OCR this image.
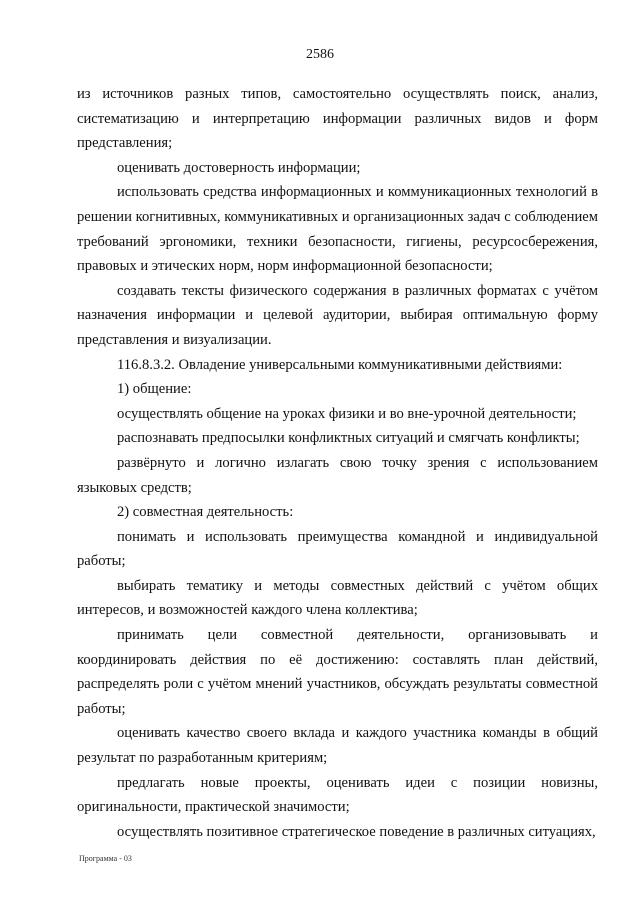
2586

из источников разных типов, самостоятельно осуществлять поиск, анализ, систематизацию и интерпретацию информации различных видов и форм представления;

оценивать достоверность информации;

использовать средства информационных и коммуникационных технологий в решении когнитивных, коммуникативных и организационных задач с соблюдением требований эргономики, техники безопасности, гигиены, ресурсосбережения, правовых и этических норм, норм информационной безопасности;

создавать тексты физического содержания в различных форматах с учётом назначения информации и целевой аудитории, выбирая оптимальную форму представления и визуализации.

116.8.3.2. Овладение универсальными коммуникативными действиями:

1) общение:

осуществлять общение на уроках физики и во вне-урочной деятельности;

распознавать предпосылки конфликтных ситуаций и смягчать конфликты;

развёрнуто и логично излагать свою точку зрения с использованием языковых средств;

2) совместная деятельность:

понимать и использовать преимущества командной и индивидуальной работы;

выбирать тематику и методы совместных действий с учётом общих интересов, и возможностей каждого члена коллектива;

принимать цели совместной деятельности, организовывать и координировать действия по её достижению: составлять план действий, распределять роли с учётом мнений участников, обсуждать результаты совместной работы;

оценивать качество своего вклада и каждого участника команды в общий результат по разработанным критериям;

предлагать новые проекты, оценивать идеи с позиции новизны, оригинальности, практической значимости;

осуществлять позитивное стратегическое поведение в различных ситуациях,

Программа - 03
